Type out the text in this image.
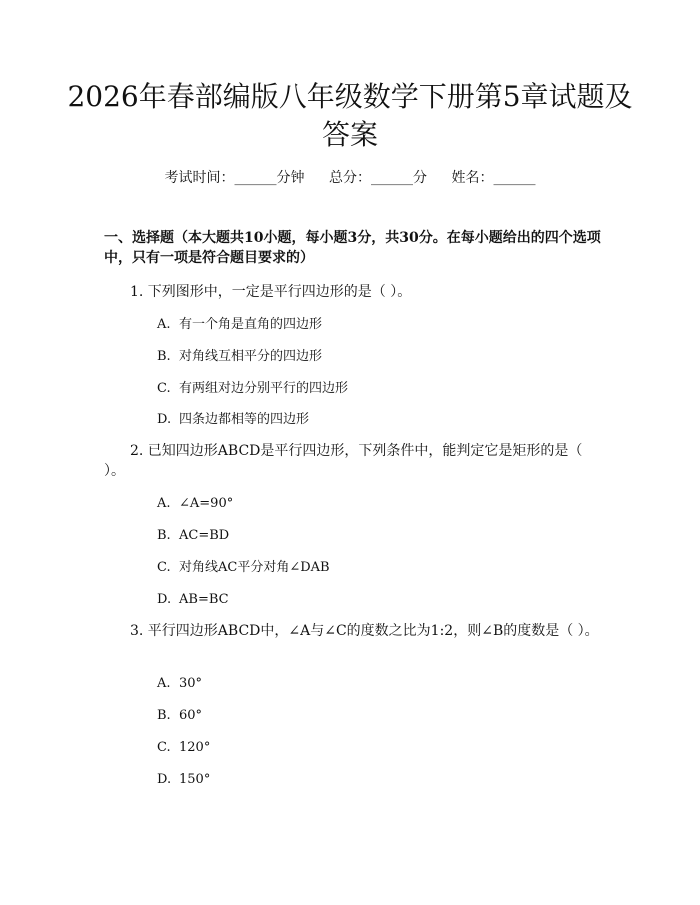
2026年春部编版八年级数学下册第5章试题及答案
考试时间：______分钟 总分：______分 姓名：______
一、选择题（本大题共10小题，每小题3分，共30分。在每小题给出的四个选项中，只有一项是符合题目要求的）
1. 下列图形中，一定是平行四边形的是（ ）。
A. 有一个角是直角的四边形
B. 对角线互相平分的四边形
C. 有两组对边分别平行的四边形
D. 四条边都相等的四边形
2. 已知四边形ABCD是平行四边形，下列条件中，能判定它是矩形的是（ ）。
A. ∠A=90°
B. AC=BD
C. 对角线AC平分对角∠DAB
D. AB=BC
3. 平行四边形ABCD中，∠A与∠C的度数之比为1:2，则∠B的度数是（ ）。
A. 30°
B. 60°
C. 120°
D. 150°
